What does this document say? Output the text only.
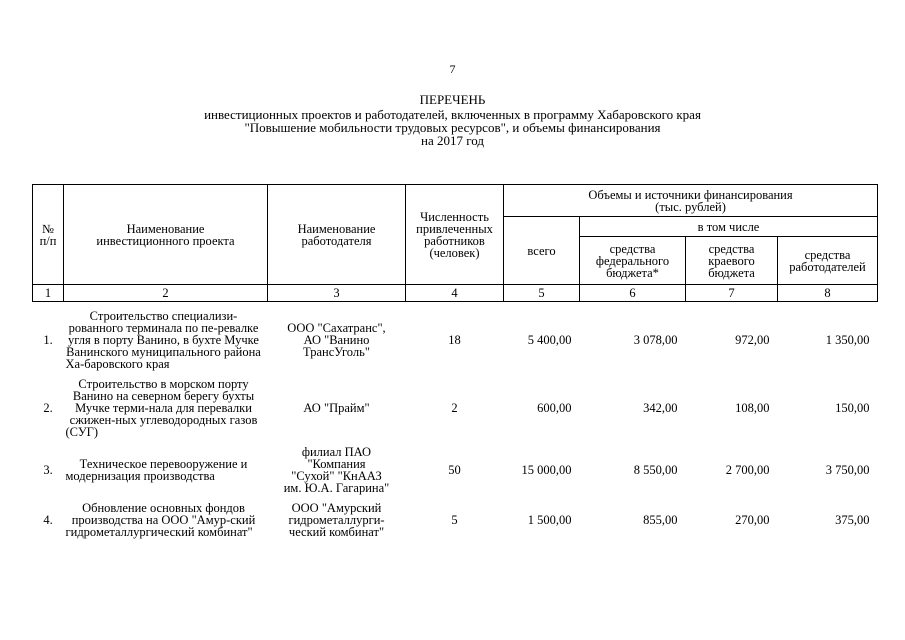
7
ПЕРЕЧЕНЬ
инвестиционных проектов и работодателей, включенных в программу Хабаровского края
"Повышение мобильности трудовых ресурсов", и объемы финансирования
на 2017 год
№
п/п	Наименование
инвестиционного проекта	Наименование
работодателя	Численность
привлеченных
работников
(человек)	Объемы и источники финансирования
(тыс. рублей)			
				всего	в том числе		
					средства
федерального
бюджета*	средства
краевого
бюджета	средства
работодателей
1	2	3	4	5	6	7	8

1.	Строительство специализи-рованного терминала по пе-ревалке угля в порту Ванино, в бухте Мучке Ванинского муниципального района Ха-баровского края	ООО "Сахатранс",
АО "Ванино
ТрансУголь"	18	5 400,00	3 078,00	972,00	1 350,00

2.	Строительство в морском порту Ванино на северном берегу бухты Мучке терми-нала для перевалки сжижен-ных углеводородных газов (СУГ)	АО "Прайм"	2	600,00	342,00	108,00	150,00

3.	Техническое перевооружение и модернизация производства	филиал ПАО
"Компания
"Сухой" "КнААЗ
им. Ю.А. Гагарина"	50	15 000,00	8 550,00	2 700,00	3 750,00

4.	Обновление основных фондов производства на ООО "Амур-ский гидрометаллургический комбинат"	ООО "Амурский
гидрометаллурги-
ческий комбинат"	5	1 500,00	855,00	270,00	375,00
